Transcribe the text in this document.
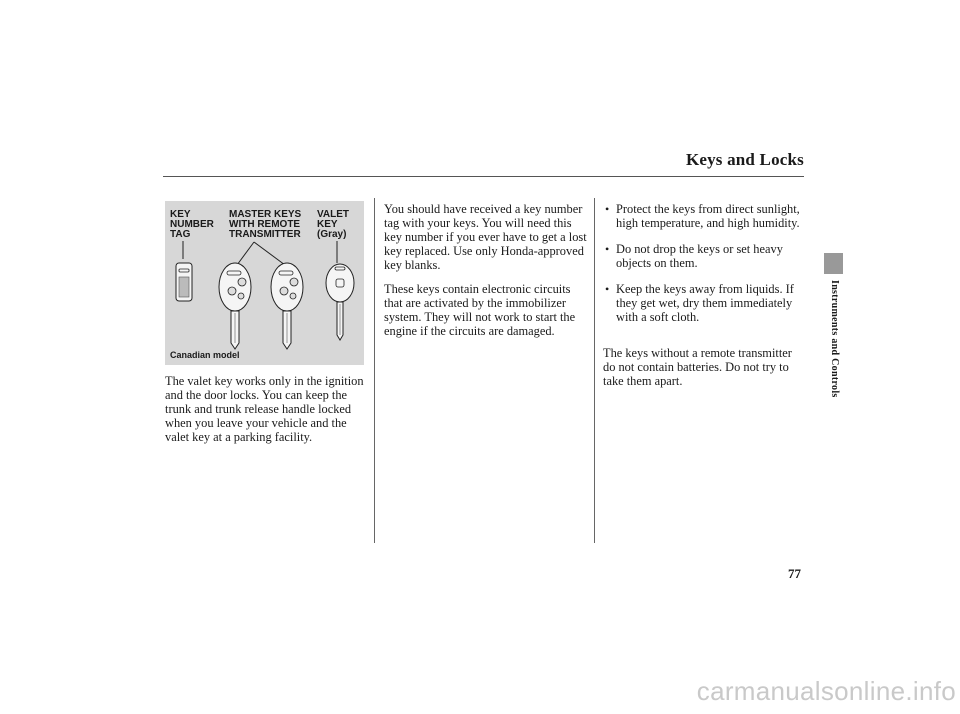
Keys and Locks
KEY
NUMBER
TAG
MASTER KEYS
WITH REMOTE
TRANSMITTER
VALET
KEY
(Gray)
Canadian model

The valet key works only in the ignition and the door locks. You can keep the trunk and trunk release handle locked when you leave your vehicle and the valet key at a parking facility.

You should have received a key number tag with your keys. You will need this key number if you ever have to get a lost key replaced. Use only Honda-approved key blanks.

These keys contain electronic circuits that are activated by the immobilizer system. They will not work to start the engine if the circuits are damaged.

• Protect the keys from direct sunlight, high temperature, and high humidity.
• Do not drop the keys or set heavy objects on them.
• Keep the keys away from liquids. If they get wet, dry them immediately with a soft cloth.

The keys without a remote transmitter do not contain batteries. Do not try to take them apart.	Instruments and Controls
77
carmanualsonline.info
